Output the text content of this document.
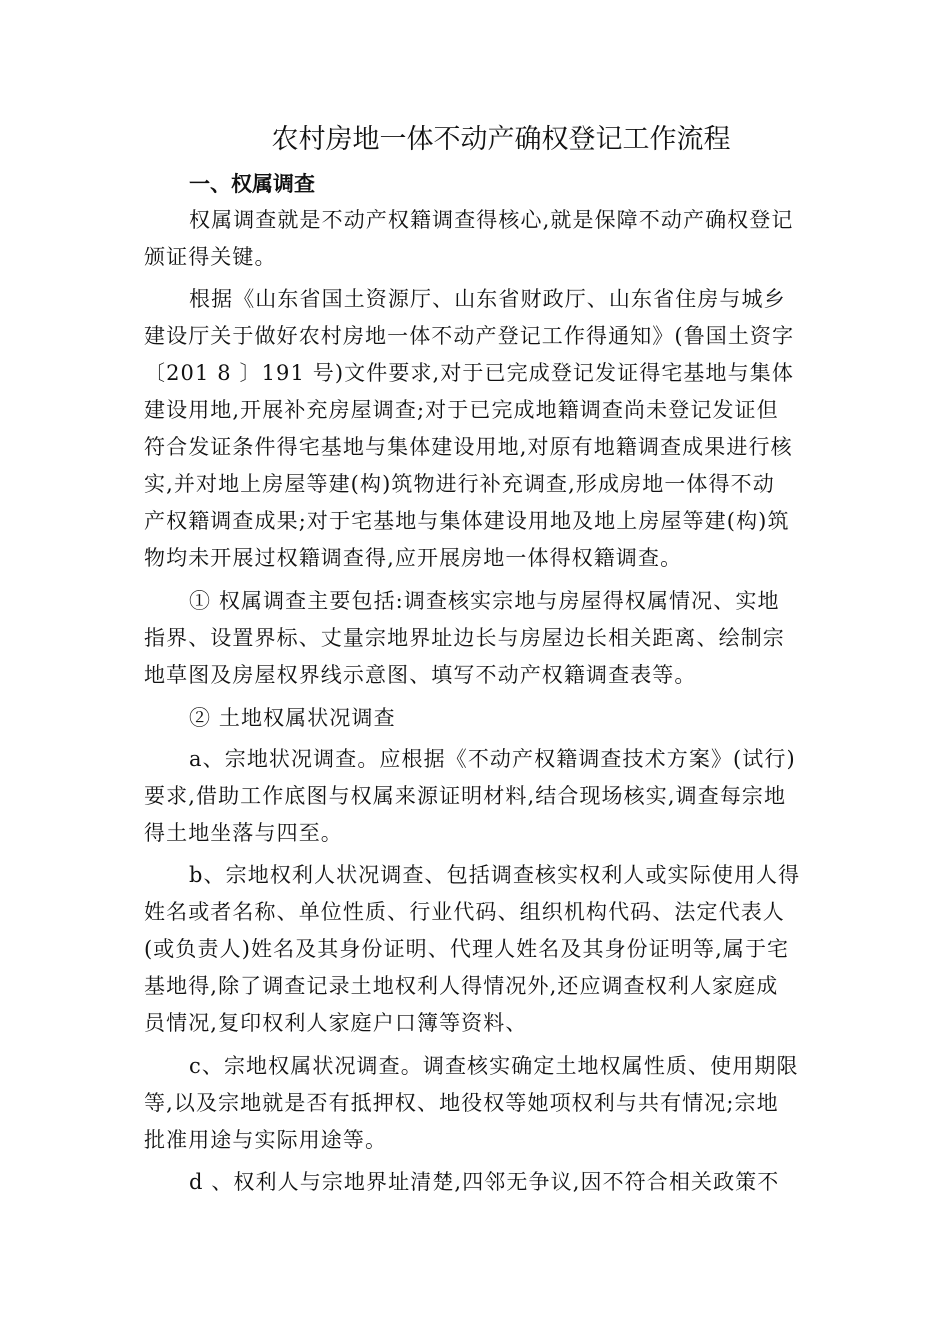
农村房地一体不动产确权登记工作流程
一、权属调查
权属调查就是不动产权籍调查得核心,就是保障不动产确权登记
颁证得关键。
根据《山东省国土资源厅、山东省财政厅、山东省住房与城乡
建设厅关于做好农村房地一体不动产登记工作得通知》(鲁国土资字
〔201 8 〕191 号)文件要求,对于已完成登记发证得宅基地与集体
建设用地,开展补充房屋调查;对于已完成地籍调查尚未登记发证但
符合发证条件得宅基地与集体建设用地,对原有地籍调查成果进行核
实,并对地上房屋等建(构)筑物进行补充调查,形成房地一体得不动
产权籍调查成果;对于宅基地与集体建设用地及地上房屋等建(构)筑
物均未开展过权籍调查得,应开展房地一体得权籍调查。
① 权属调查主要包括:调查核实宗地与房屋得权属情况、实地
指界、设置界标、丈量宗地界址边长与房屋边长相关距离、绘制宗
地草图及房屋权界线示意图、填写不动产权籍调查表等。
② 土地权属状况调查
a、宗地状况调查。应根据《不动产权籍调查技术方案》(试行)
要求,借助工作底图与权属来源证明材料,结合现场核实,调查每宗地
得土地坐落与四至。
b、宗地权利人状况调查、包括调查核实权利人或实际使用人得
姓名或者名称、单位性质、行业代码、组织机构代码、法定代表人
(或负责人)姓名及其身份证明、代理人姓名及其身份证明等,属于宅
基地得,除了调查记录土地权利人得情况外,还应调查权利人家庭成
员情况,复印权利人家庭户口簿等资料、
c、宗地权属状况调查。调查核实确定土地权属性质、使用期限
等,以及宗地就是否有抵押权、地役权等她项权利与共有情况;宗地
批准用途与实际用途等。
d 、权利人与宗地界址清楚,四邻无争议,因不符合相关政策不
